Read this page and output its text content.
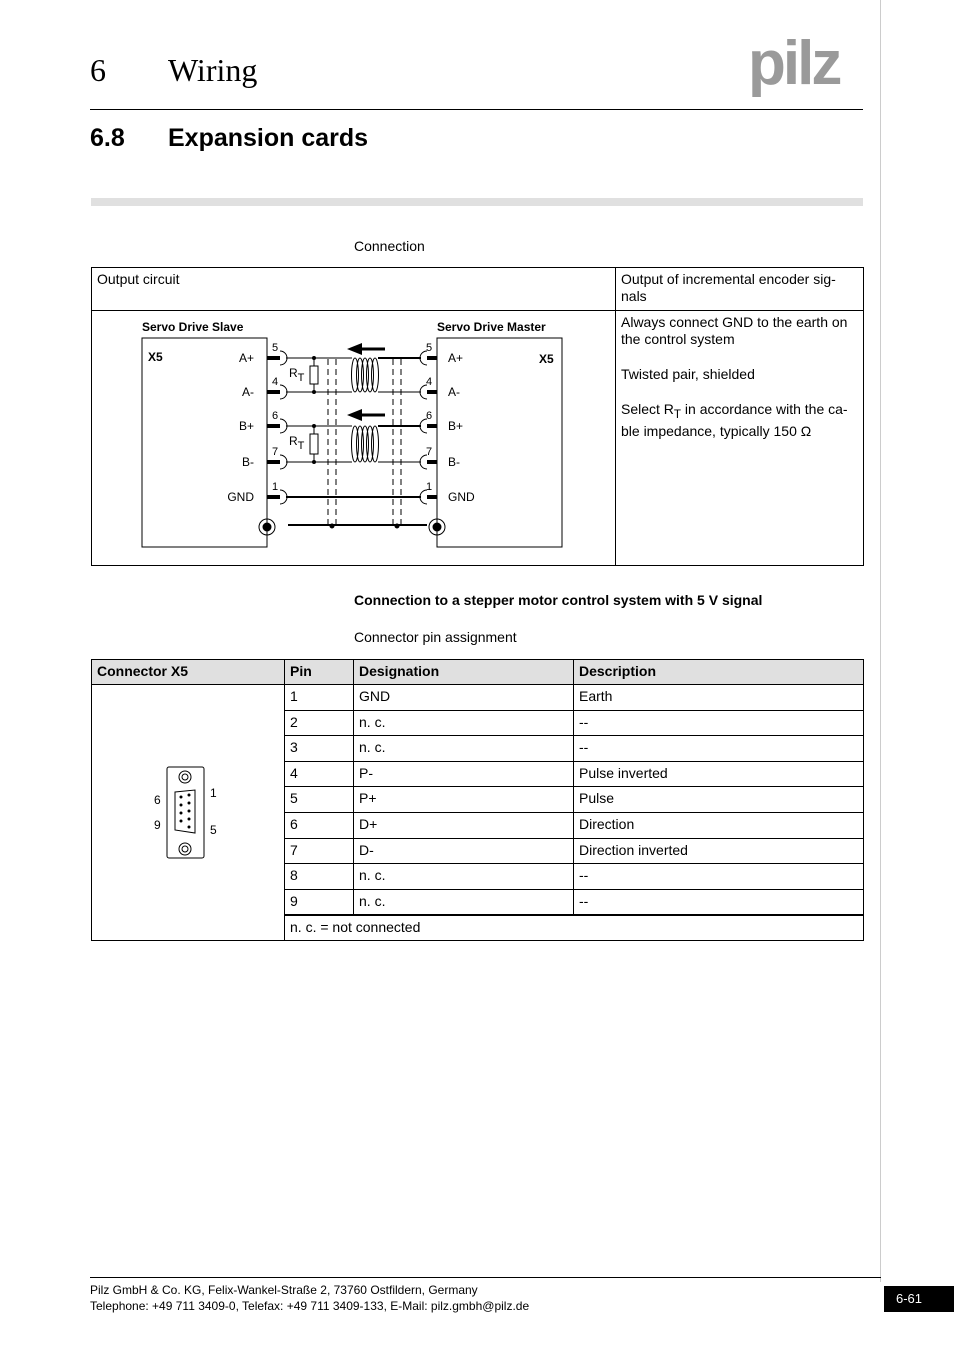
6 Wiring	pilz
6.8 Expansion cards
Connection
Output circuit	Output of incremental encoder sig-nals
Always connect GND to the earth on the control system
Twisted pair, shielded
Select $R_T$ in accordance with the ca-ble impedance, typically 150 Ω
Servo Drive Slave	Servo Drive Master
X5	X5
5	5
A+	A+
4	4
A-	A-
6	6
B+	B+
7	7
B-	B-
1	1
GND	GND
RT
RT
Connection to a stepper motor control system with 5 V signal
Connector pin assignment
Connector X5	Pin	Designation	Description
1	GND	Earth
2	n. c.	--
3	n. c.	--
4	P-	Pulse inverted
5	P+	Pulse
6	D+	Direction
7	D-	Direction inverted
8	n. c.	--
9	n. c.	--
6
9
1
5
n. c. = not connected
Pilz GmbH & Co. KG, Felix-Wankel-Straße 2, 73760 Ostfildern, Germany
Telephone: +49 711 3409-0, Telefax: +49 711 3409-133, E-Mail: pilz.gmbh@pilz.de	6-61
